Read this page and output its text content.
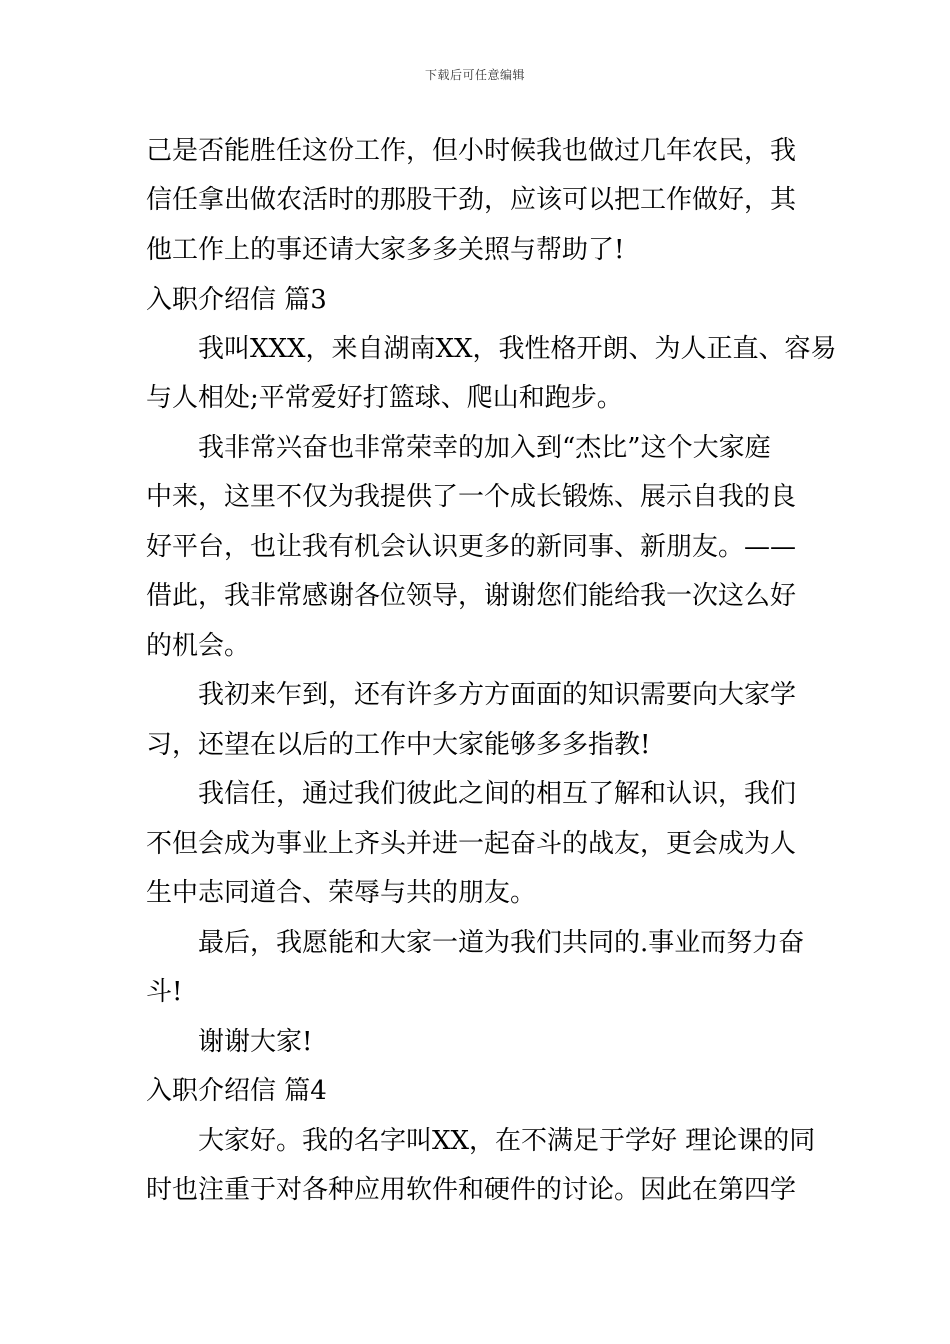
下载后可任意编辑
己是否能胜任这份工作，但小时候我也做过几年农民，我
信任拿出做农活时的那股干劲，应该可以把工作做好，其
他工作上的事还请大家多多关照与帮助了!
入职介绍信 篇3
我叫XXX，来自湖南XX，我性格开朗、为人正直、容易
与人相处;平常爱好打篮球、爬山和跑步。
我非常兴奋也非常荣幸的加入到“杰比”这个大家庭
中来，这里不仅为我提供了一个成长锻炼、展示自我的良
好平台，也让我有机会认识更多的新同事、新朋友。——
借此，我非常感谢各位领导，谢谢您们能给我一次这么好
的机会。
我初来乍到，还有许多方方面面的知识需要向大家学
习，还望在以后的工作中大家能够多多指教!
我信任，通过我们彼此之间的相互了解和认识，我们
不但会成为事业上齐头并进一起奋斗的战友，更会成为人
生中志同道合、荣辱与共的朋友。
最后，我愿能和大家一道为我们共同的.事业而努力奋
斗!
谢谢大家!
入职介绍信 篇4
大家好。我的名字叫XX，在不满足于学好 理论课的同
时也注重于对各种应用软件和硬件的讨论。因此在第四学
